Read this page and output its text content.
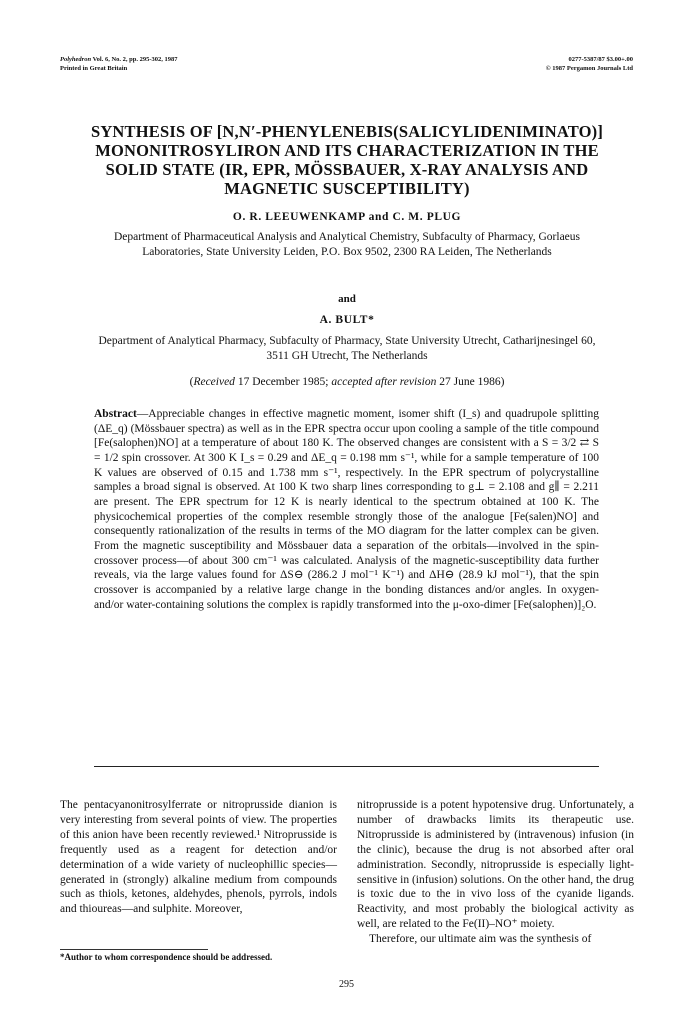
Polyhedron Vol. 6, No. 2, pp. 295-302, 1987
Printed in Great Britain
0277-5387/87 $3.00+.00
© 1987 Pergamon Journals Ltd
SYNTHESIS OF [N,N′-PHENYLENEBIS(SALICYLIDENIMINATO)]
MONONITROSYLIRON AND ITS CHARACTERIZATION IN THE
SOLID STATE (IR, EPR, MÖSSBAUER, X-RAY ANALYSIS AND
MAGNETIC SUSCEPTIBILITY)
O. R. LEEUWENKAMP and C. M. PLUG
Department of Pharmaceutical Analysis and Analytical Chemistry, Subfaculty of Pharmacy, Gorlaeus Laboratories, State University Leiden, P.O. Box 9502, 2300 RA Leiden, The Netherlands
and
A. BULT*
Department of Analytical Pharmacy, Subfaculty of Pharmacy, State University Utrecht, Catharijnesingel 60, 3511 GH Utrecht, The Netherlands
(Received 17 December 1985; accepted after revision 27 June 1986)

Abstract—Appreciable changes in effective magnetic moment, isomer shift (I_s) and quadrupole splitting (ΔE_q) (Mössbauer spectra) as well as in the EPR spectra occur upon cooling a sample of the title compound [Fe(salophen)NO] at a temperature of about 180 K. The observed changes are consistent with a S = 3/2 ⇄ S = 1/2 spin crossover. At 300 K I_s = 0.29 and ΔE_q = 0.198 mm s⁻¹, while for a sample temperature of 100 K values are observed of 0.15 and 1.738 mm s⁻¹, respectively. In the EPR spectrum of polycrystalline samples a broad signal is observed. At 100 K two sharp lines corresponding to g⊥ = 2.108 and g∥ = 2.211 are present. The EPR spectrum for 12 K is nearly identical to the spectrum obtained at 100 K. The physicochemical properties of the complex resemble strongly those of the analogue [Fe(salen)NO] and consequently rationalization of the results in terms of the MO diagram for the latter complex can be given. From the magnetic susceptibility and Mössbauer data a separation of the orbitals—involved in the spin-crossover process—of about 300 cm⁻¹ was calculated. Analysis of the magnetic-susceptibility data further reveals, via the large values found for ΔS⊖ (286.2 J mol⁻¹ K⁻¹) and ΔH⊖ (28.9 kJ mol⁻¹), that the spin crossover is accompanied by a relative large change in the bonding distances and/or angles. In oxygen- and/or water-containing solutions the complex is rapidly transformed into the μ-oxo-dimer [Fe(salophen)]₂O.

The pentacyanonitrosylferrate or nitroprusside dianion is very interesting from several points of view. The properties of this anion have been recently reviewed.¹ Nitroprusside is frequently used as a reagent for detection and/or determination of a wide variety of nucleophillic species—generated in (strongly) alkaline medium from compounds such as thiols, ketones, aldehydes, phenols, pyrrols, indols and thioureas—and sulphite. Moreover,

nitroprusside is a potent hypotensive drug. Unfortunately, a number of drawbacks limits its therapeutic use. Nitroprusside is administered by (intravenous) infusion (in the clinic), because the drug is not absorbed after oral administration. Secondly, nitroprusside is especially light-sensitive in (infusion) solutions. On the other hand, the drug is toxic due to the in vivo loss of the cyanide ligands. Reactivity, and most probably the biological activity as well, are related to the Fe(II)–NO⁺ moiety.

Therefore, our ultimate aim was the synthesis of

*Author to whom correspondence should be addressed.
295
